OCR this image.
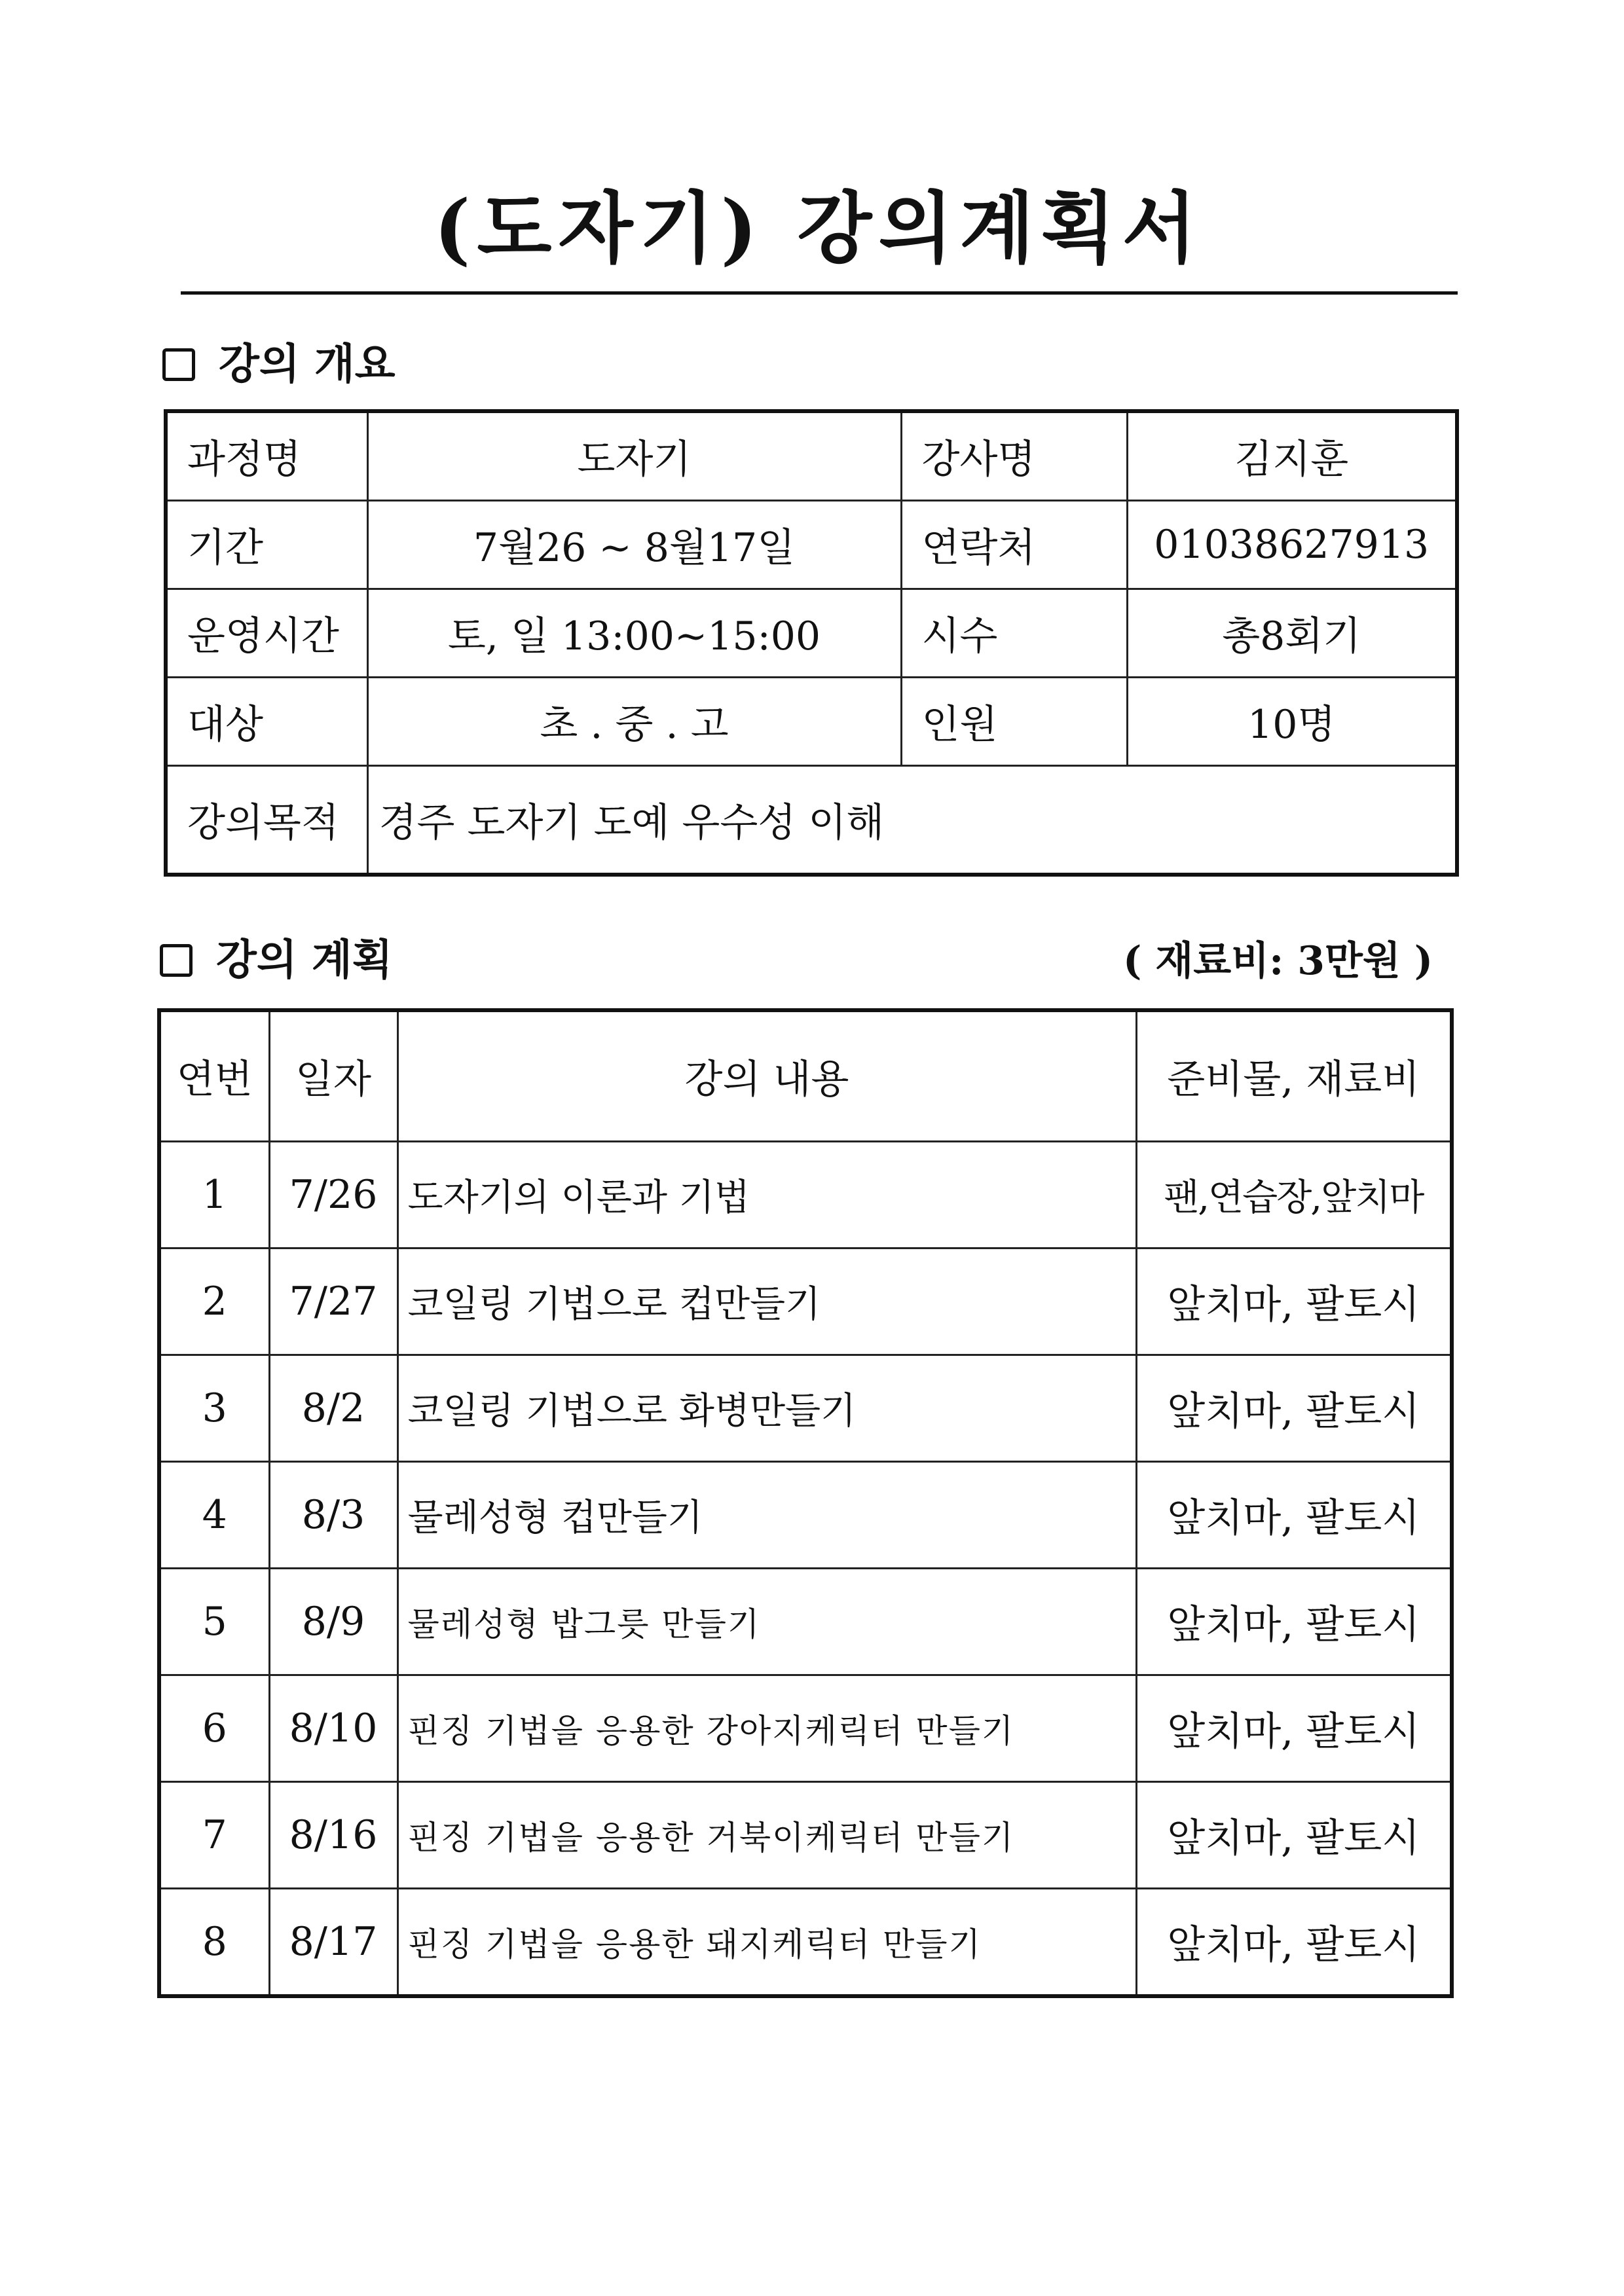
(도자기) 강의계획서
강의 개요
과정명	도자기	강사명	김지훈
기간	7월26 ~ 8월17일	연락처	01038627913
운영시간	토, 일 13:00~15:00	시수	총8회기
대상	초 . 중 . 고	인원	10명
강의목적	경주 도자기 도예 우수성 이해		
강의 계획	( 재료비: 3만원 )
연번	일자	강의 내용	준비물, 재료비
1	7/26	도자기의 이론과 기법	팬,연습장,앞치마
2	7/27	코일링 기법으로 컵만들기	앞치마, 팔토시
3	8/2	코일링 기법으로 화병만들기	앞치마, 팔토시
4	8/3	물레성형 컵만들기	앞치마, 팔토시
5	8/9	물레성형 밥그릇 만들기	앞치마, 팔토시
6	8/10	핀징 기법을 응용한 강아지케릭터 만들기	앞치마, 팔토시
7	8/16	핀징 기법을 응용한 거북이케릭터 만들기	앞치마, 팔토시
8	8/17	핀징 기법을 응용한 돼지케릭터 만들기	앞치마, 팔토시
